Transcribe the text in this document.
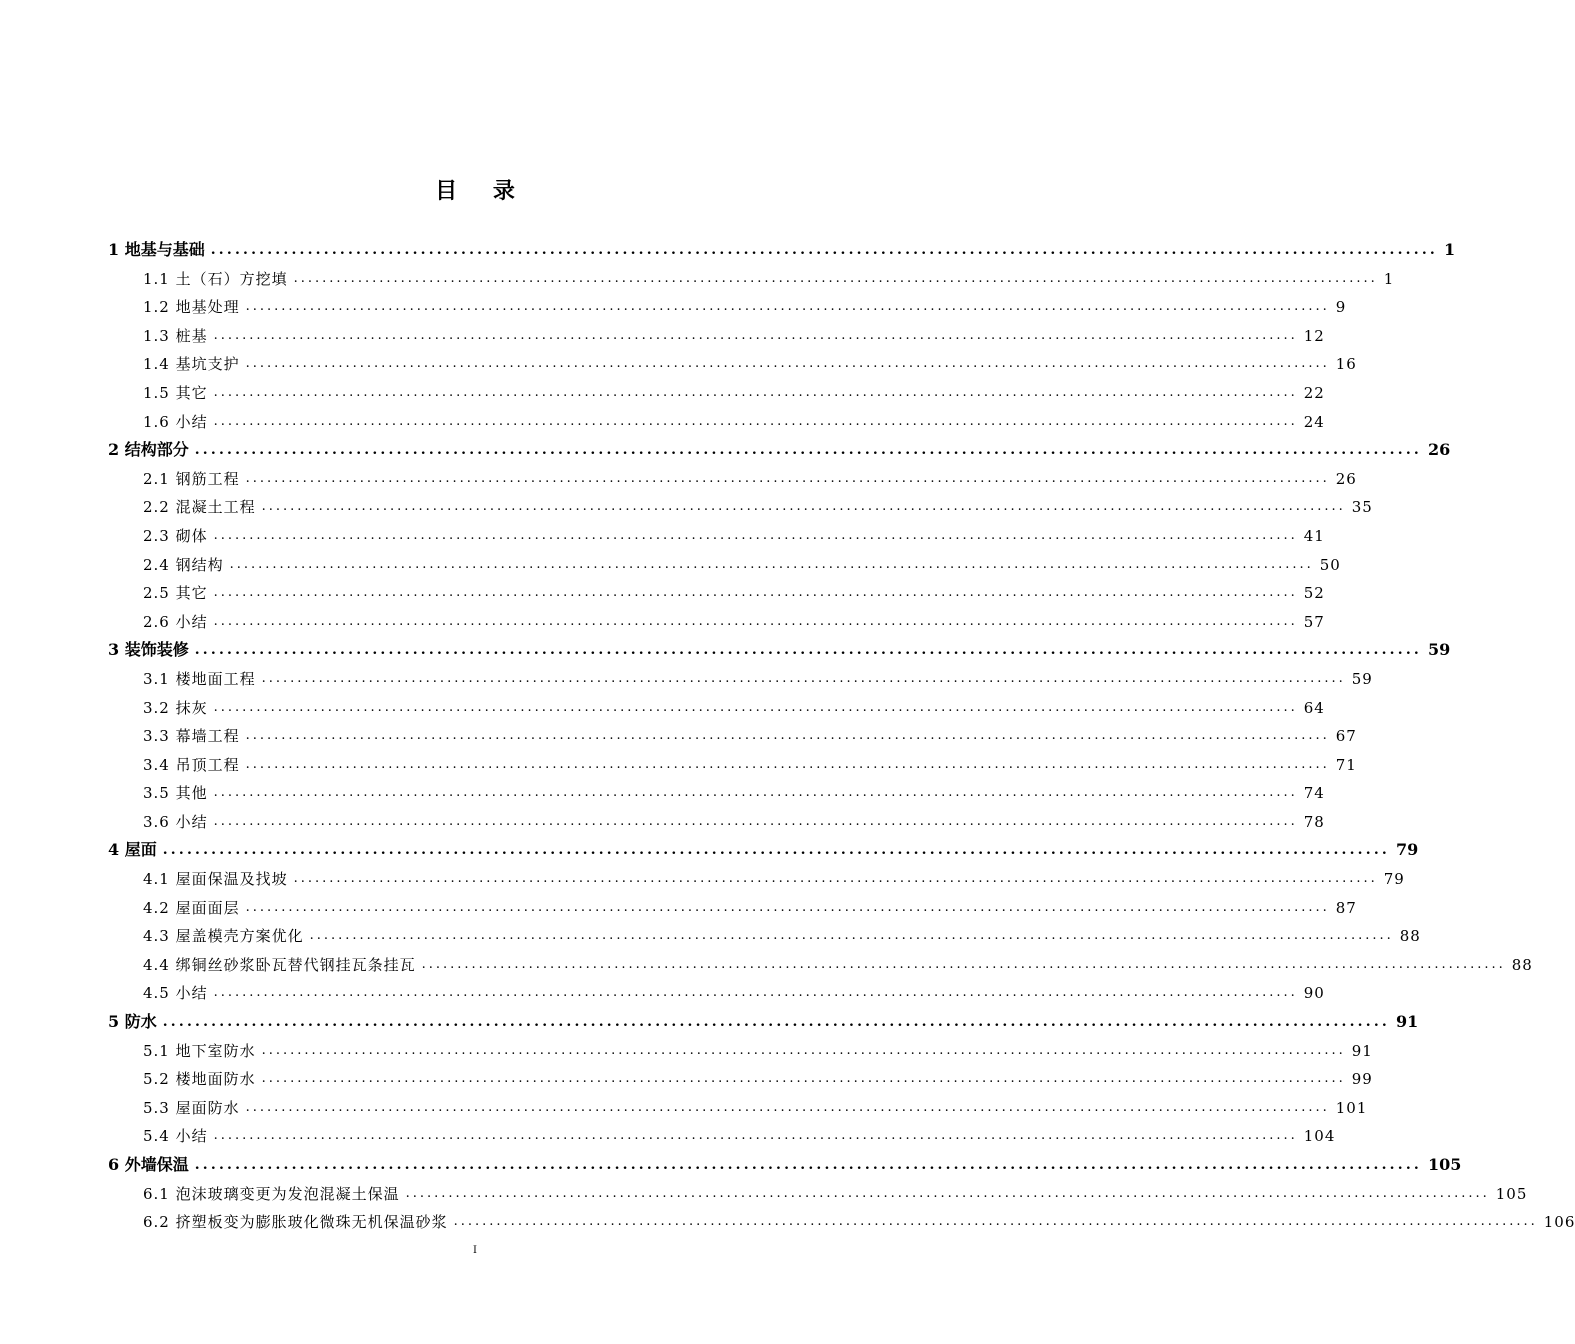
目 录
1 地基与基础 ........................................................................................................................................................ 1
1.1 土（石）方挖填 ........................................................................................................................................................ 1
1.2 地基处理 ........................................................................................................................................................ 9
1.3 桩基 ........................................................................................................................................................ 12
1.4 基坑支护 ........................................................................................................................................................ 16
1.5 其它 ........................................................................................................................................................ 22
1.6 小结 ........................................................................................................................................................ 24
2 结构部分 ........................................................................................................................................................ 26
2.1 钢筋工程 ........................................................................................................................................................ 26
2.2 混凝土工程 ........................................................................................................................................................ 35
2.3 砌体 ........................................................................................................................................................ 41
2.4 钢结构 ........................................................................................................................................................ 50
2.5 其它 ........................................................................................................................................................ 52
2.6 小结 ........................................................................................................................................................ 57
3 装饰装修 ........................................................................................................................................................ 59
3.1 楼地面工程 ........................................................................................................................................................ 59
3.2 抹灰 ........................................................................................................................................................ 64
3.3 幕墙工程 ........................................................................................................................................................ 67
3.4 吊顶工程 ........................................................................................................................................................ 71
3.5 其他 ........................................................................................................................................................ 74
3.6 小结 ........................................................................................................................................................ 78
4 屋面 ........................................................................................................................................................ 79
4.1 屋面保温及找坡 ........................................................................................................................................................ 79
4.2 屋面面层 ........................................................................................................................................................ 87
4.3 屋盖模壳方案优化 ........................................................................................................................................................ 88
4.4 绑铜丝砂浆卧瓦替代钢挂瓦条挂瓦 ........................................................................................................................................................ 88
4.5 小结 ........................................................................................................................................................ 90
5 防水 ........................................................................................................................................................ 91
5.1 地下室防水 ........................................................................................................................................................ 91
5.2 楼地面防水 ........................................................................................................................................................ 99
5.3 屋面防水 ........................................................................................................................................................ 101
5.4 小结 ........................................................................................................................................................ 104
6 外墙保温 ........................................................................................................................................................ 105
6.1 泡沫玻璃变更为发泡混凝土保温 ........................................................................................................................................................ 105
6.2 挤塑板变为膨胀玻化微珠无机保温砂浆 ........................................................................................................................................................ 106
I
